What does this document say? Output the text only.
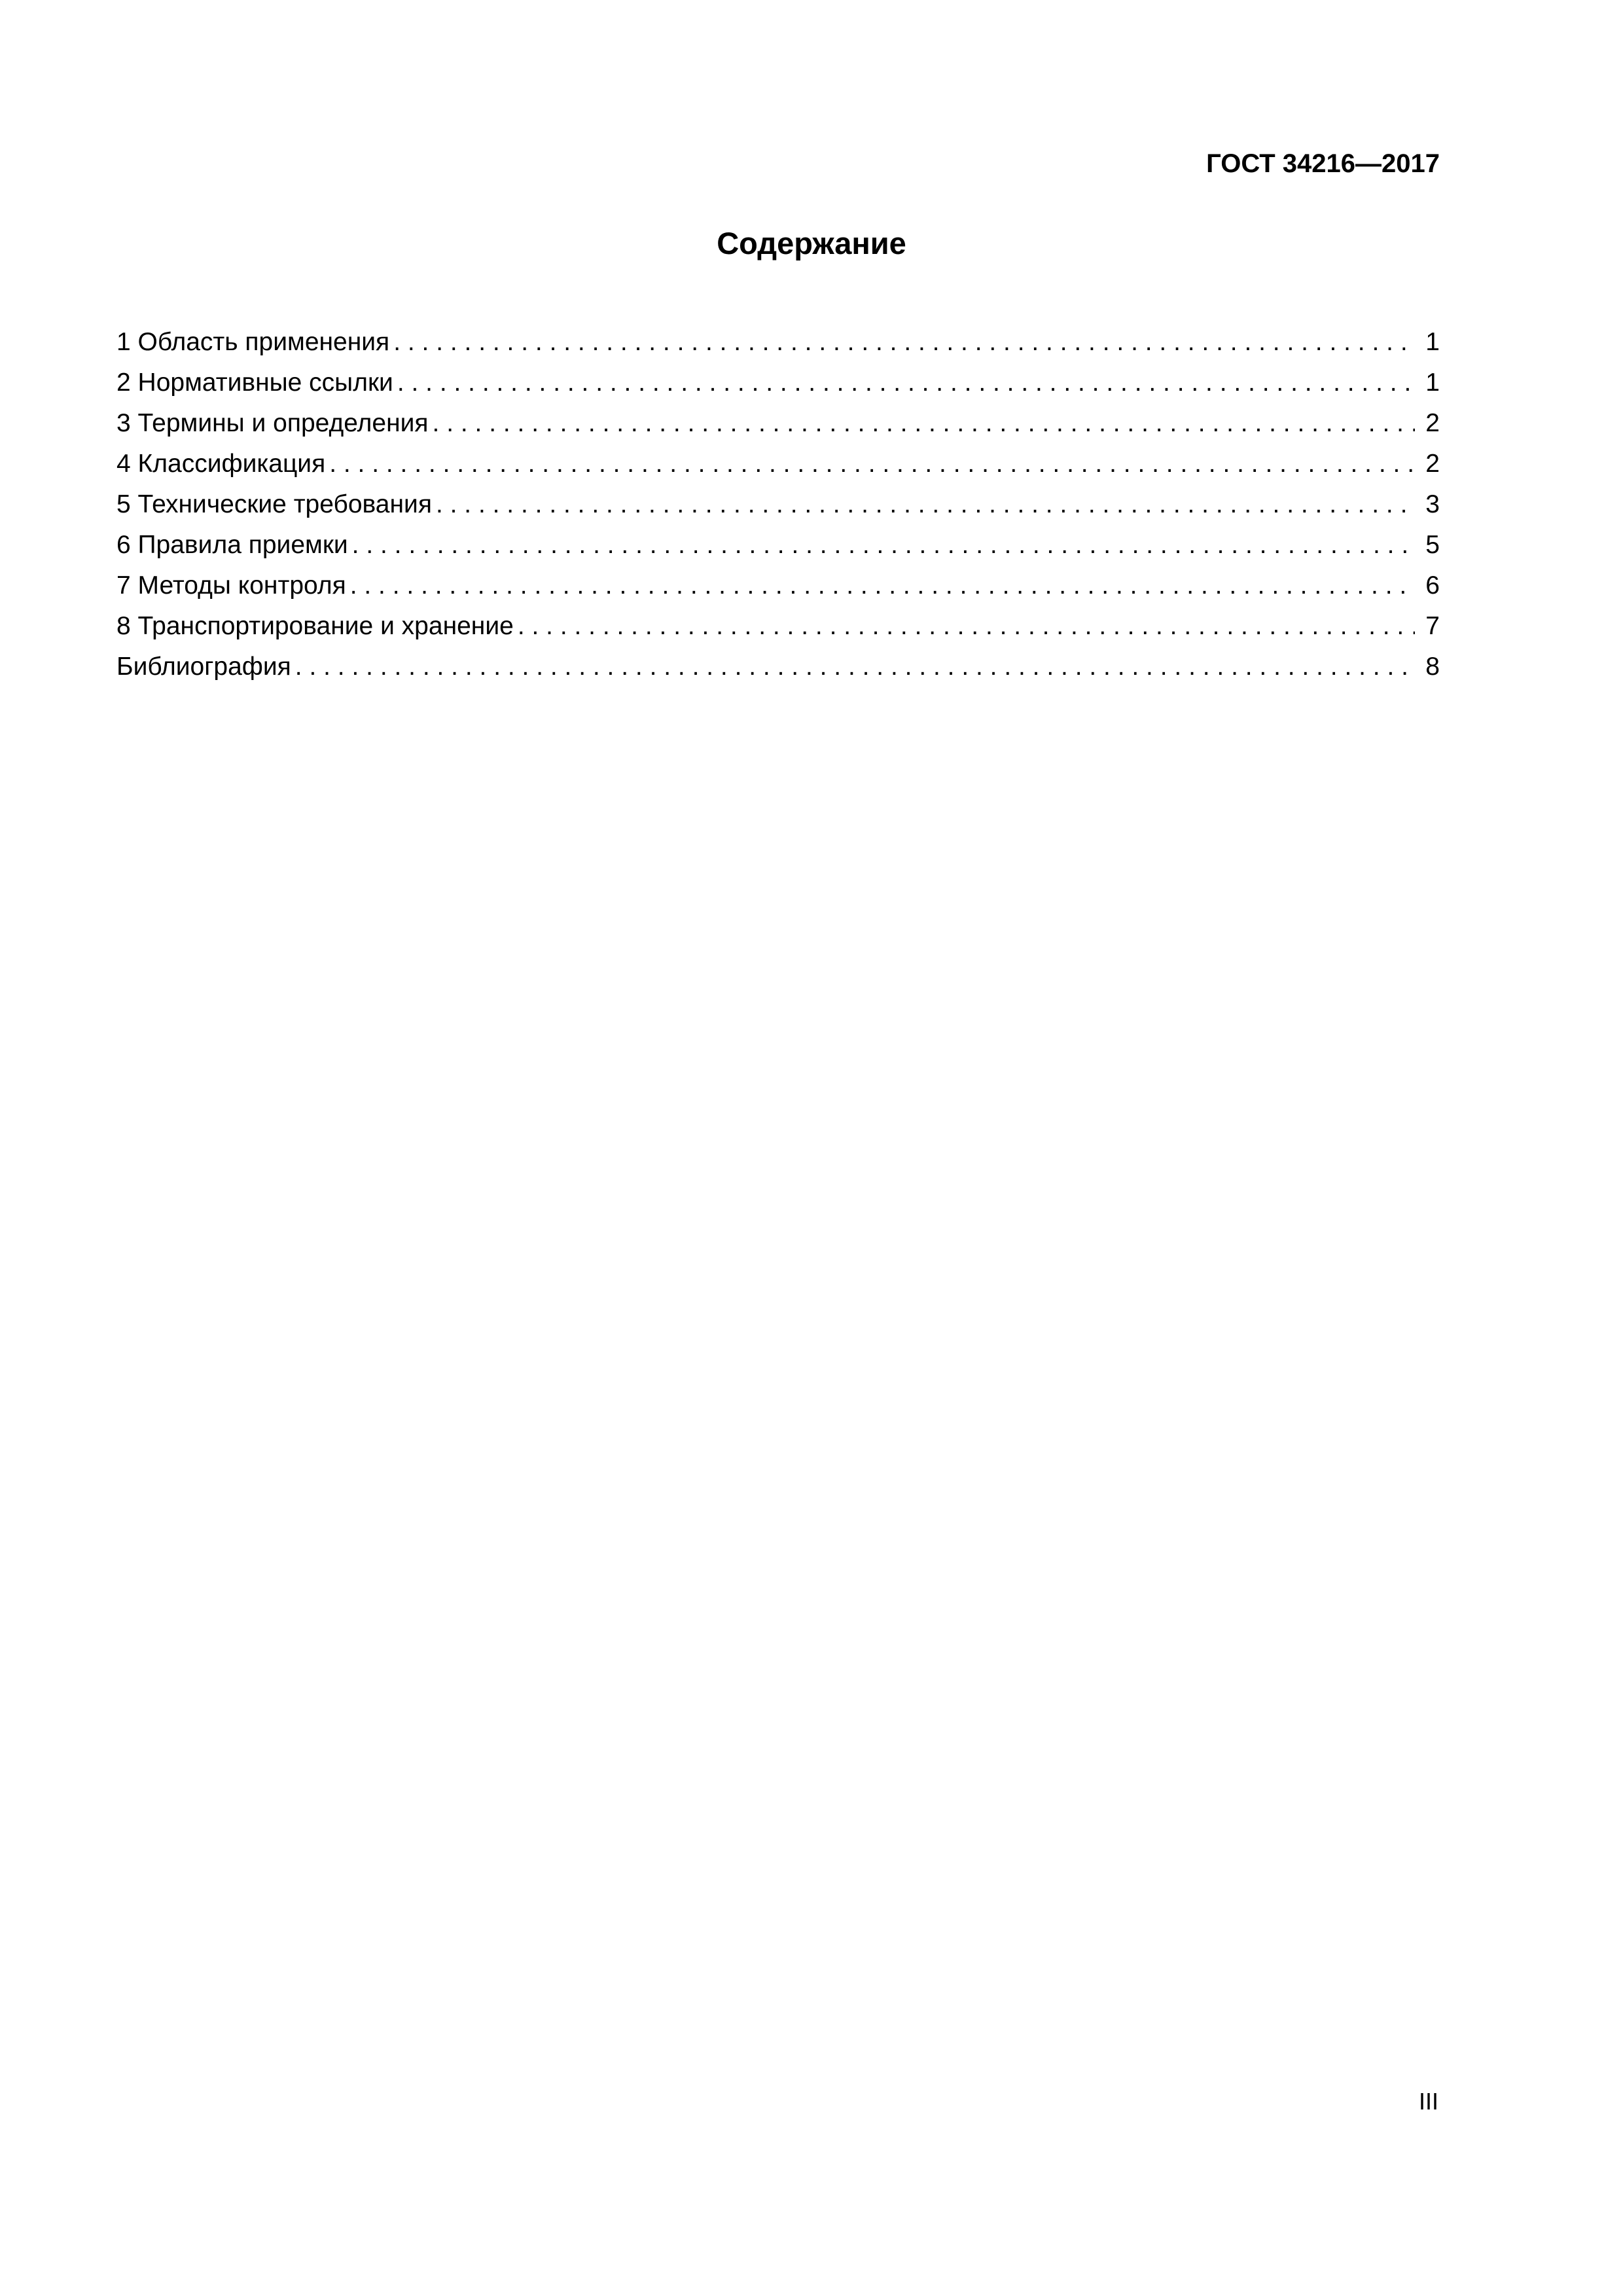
ГОСТ 34216—2017
Содержание
1 Область применения . . .	1
2 Нормативные ссылки . . .	1
3 Термины и определения . . .	2
4 Классификация . . .	2
5 Технические требования . . .	3
6 Правила приемки . . .	5
7 Методы контроля . . .	6
8 Транспортирование и хранение . . .	7
Библиография . . .	8
III
